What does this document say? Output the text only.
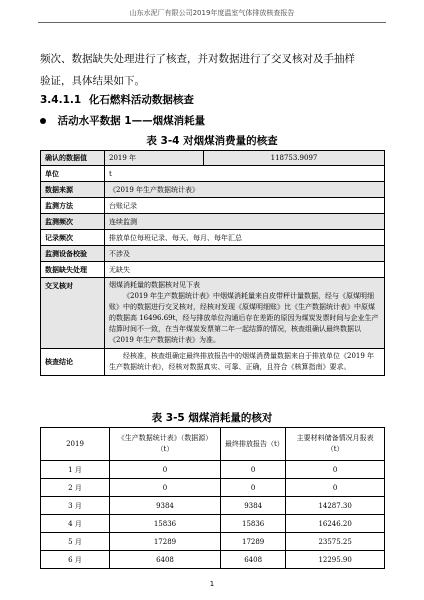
山东水泥厂有限公司2019年度温室气体排放核查报告
频次、数据缺失处理进行了核查，并对数据进行了交叉核对及手抽样
验证，具体结果如下。
3.4.1.1 化石燃料活动数据核查
活动水平数据 1——烟煤消耗量
表 3-4 对烟煤消费量的核查
确认的数据值	2019 年	118753.9097
单位	t	
数据来源	《2019 年生产数据统计表》	
监测方法	台账记录	
监测频次	连续监测	
记录频次	排放单位每班记录、每天、每月、每年汇总	
监测设备校验	不涉及	
数据缺失处理	无缺失	
交叉核对	烟煤消耗量的数据核对见下表
《2019 年生产数据统计表》中烟煤消耗量来自皮带秤计量数据，经与《原煤明细账》中的数据进行交叉核对，经核对发现《原煤明细账》比《生产数据统计表》中原煤的数据高 16496.69t，经与排放单位沟通后存在差距的原因为煤炭发票时间与企业生产结算时间不一致，在当年煤炭发票第二年一起结算的情况，核查组确认最终数据以《2019 年生产数据统计表》为准。	

核查结论	经核准，核查组确定最终排放报告中的烟煤消费量数据来自于排放单位《2019 年生产数据统计表》，经核对数据真实、可靠、正确，且符合《核算指南》要求。	
表 3-5 烟煤消耗量的核对
2019	《生产数据统计表》（数据源）（t）	最终排放报告（t）	主要材料储备情况月报表（t）
1 月	0	0	0
2 月	0	0	0
3 月	9384	9384	14287.30
4 月	15836	15836	16246.20
5 月	17289	17289	23575.25
6 月	6408	6408	12295.90
1
